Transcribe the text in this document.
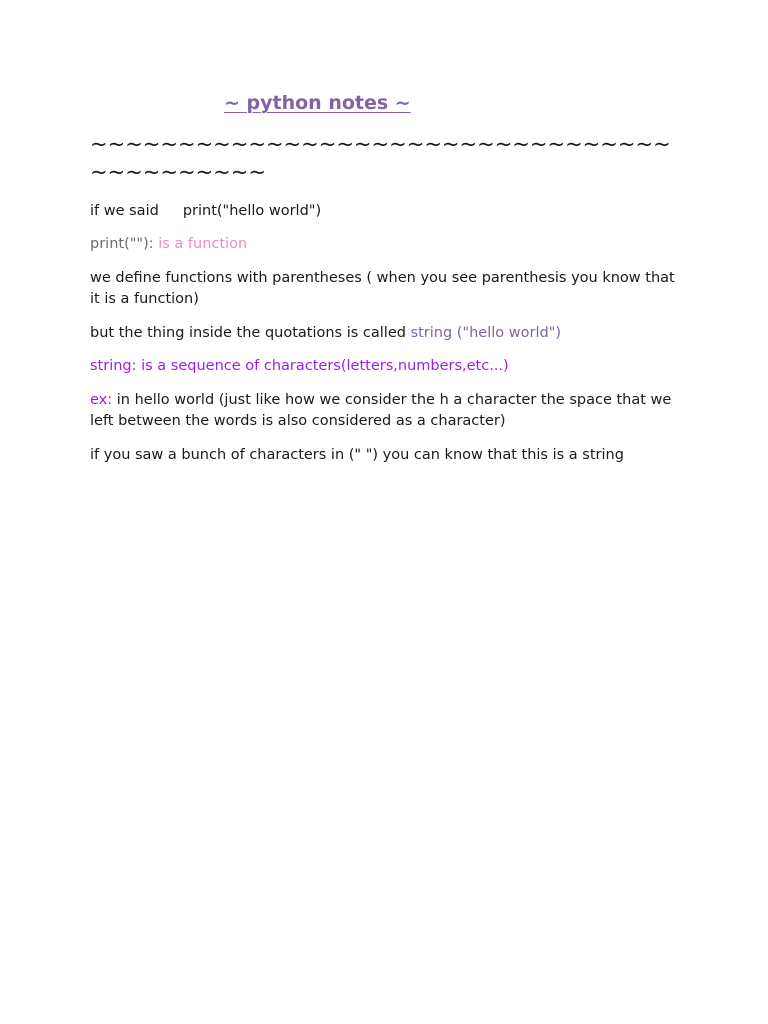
~ python notes ~

~~~~~~~~~~~~~~~~~~~~~~~~~~~~~~~~~~~~~~~~~~~

if we said print("hello world")

print(""): is a function

we define functions with parentheses ( when you see parenthesis you know that it is a function)

but the thing inside the quotations is called string ("hello world")

string: is a sequence of characters(letters,numbers,etc...)

ex: in hello world (just like how we consider the h a character the space that we left between the words is also considered as a character)

if you saw a bunch of characters in (" ") you can know that this is a string
